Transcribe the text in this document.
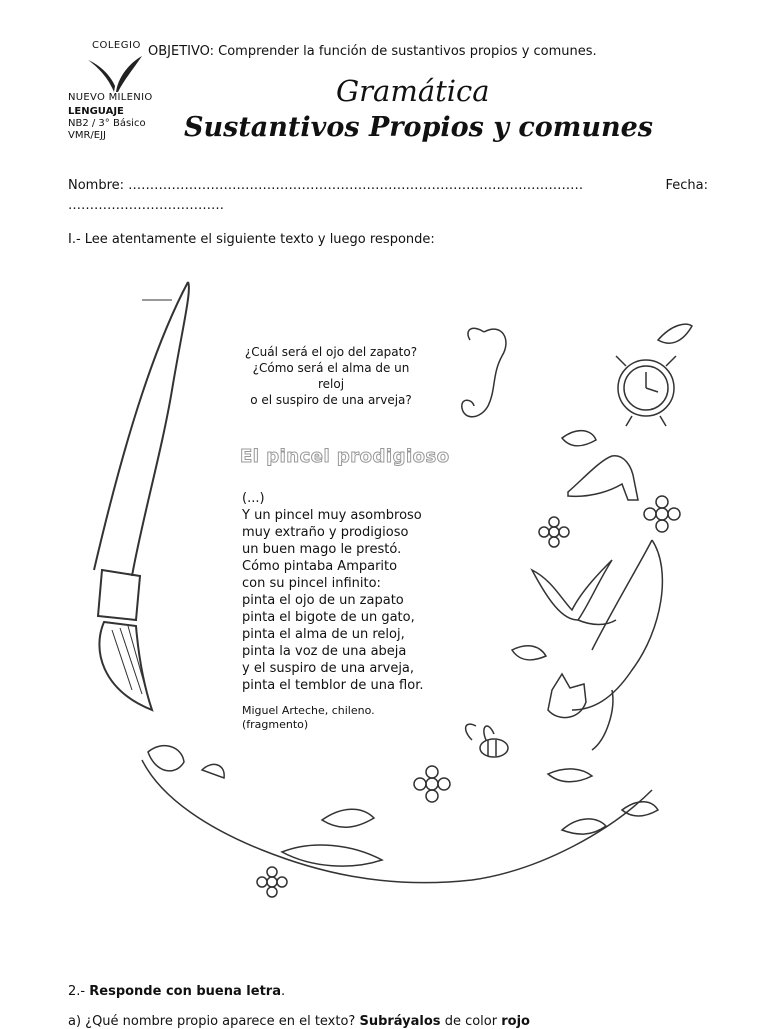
COLEGIO
NUEVO MILENIO
OBJETIVO: Comprender la función de sustantivos propios y comunes.
LENGUAJE
NB2 / 3° Básico
VMR/EJJ
Gramática
Sustantivos Propios y comunes
Nombre: ……………………………………………………………………………………………	Fecha:
………………………………
I.- Lee atentamente el siguiente texto y luego responde:
¿Cuál será el ojo del zapato?
¿Cómo será el alma de un reloj
o el suspiro de una arveja?
El pincel prodigioso
(...)
Y un pincel muy asombroso
muy extraño y prodigioso
un buen mago le prestó.
Cómo pintaba Amparito
con su pincel infinito:
pinta el ojo de un zapato
pinta el bigote de un gato,
pinta el alma de un reloj,
pinta la voz de una abeja
y el suspiro de una arveja,
pinta el temblor de una flor.
Miguel Arteche, chileno.
(fragmento)
2.- Responde con buena letra.
a) ¿Qué nombre propio aparece en el texto? Subráyalos de color rojo
